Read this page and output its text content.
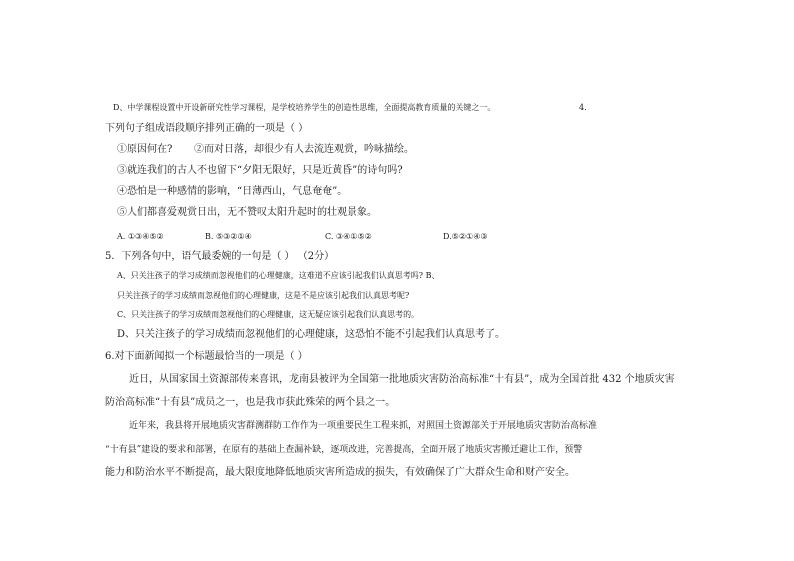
D、中学课程设置中开设新研究性学习课程，是学校培养学生的创造性思维，全面提高教育质量的关键之一。	4.
下列句子组成语段顺序排列正确的一项是（ ）
①原因何在? ②而对日落，却很少有人去流连观赏，吟咏描绘。
③就连我们的古人不也留下“夕阳无限好，只是近黄昏”的诗句吗?
④恐怕是一种感情的影响，“日薄西山，气息奄奄”。
⑤人们都喜爱观赏日出，无不赞叹太阳升起时的壮观景象。
A. ①③④⑤②	B. ⑤③②①④	C. ③④①⑤②	D.⑤②①④③
5．下列各句中，语气最委婉的一句是（ ） （2分）
A、只关注孩子的学习成绩而忽视他们的心理健康，这难道不应该引起我们认真思考吗? B、
只关注孩子的学习成绩而忽视他们的心理健康，这是不是应该引起我们认真思考呢?
C、只关注孩子的学习成绩而忽视他们的心理健康，这无疑应该引起我们认真思考的。
D、只关注孩子的学习成绩而忽视他们的心理健康，这恐怕不能不引起我们认真思考了。
6.对下面新闻拟一个标题最恰当的一项是（ ）
近日，从国家国土资源部传来喜讯，龙南县被评为全国第一批地质灾害防治高标准“十有县”，成为全国首批 432 个地质灾害
防治高标准“十有县”成员之一，也是我市获此殊荣的两个县之一。
近年来，我县将开展地质灾害群测群防工作作为一项重要民生工程来抓，对照国土资源部关于开展地质灾害防治高标准
“十有县”建设的要求和部署，在原有的基础上查漏补缺，逐项改进，完善提高，全面开展了地质灾害搬迁避让工作，预警
能力和防治水平不断提高，最大限度地降低地质灾害所造成的损失，有效确保了广大群众生命和财产安全。
